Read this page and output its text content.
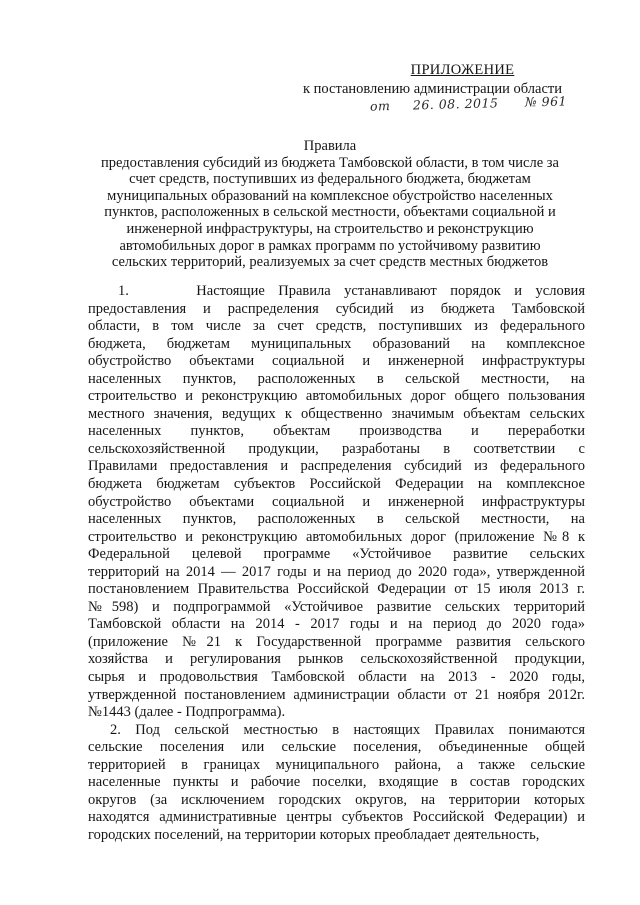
ПРИЛОЖЕНИЕ
к постановлению администрации области
от 26. 08. 2015 № 961
Правила
предоставления субсидий из бюджета Тамбовской области, в том числе за
счет средств, поступивших из федерального бюджета, бюджетам
муниципальных образований на комплексное обустройство населенных
пунктов, расположенных в сельской местности, объектами социальной и
инженерной инфраструктуры, на строительство и реконструкцию
автомобильных дорог в рамках программ по устойчивому развитию
сельских территорий, реализуемых за счет средств местных бюджетов
1.     Настоящие Правила устанавливают порядок и условия
предоставления и распределения субсидий из бюджета Тамбовской
области, в том числе за счет средств, поступивших из федерального
бюджета, бюджетам муниципальных образований на комплексное
обустройство объектами социальной и инженерной инфраструктуры
населенных пунктов, расположенных в сельской местности, на
строительство и реконструкцию автомобильных дорог общего пользования
местного значения, ведущих к общественно значимым объектам сельских
населенных пунктов, объектам производства и переработки
сельскохозяйственной продукции, разработаны в соответствии с
Правилами предоставления и распределения субсидий из федерального
бюджета бюджетам субъектов Российской Федерации на комплексное
обустройство объектами социальной и инженерной инфраструктуры
населенных пунктов, расположенных в сельской местности, на
строительство и реконструкцию автомобильных дорог (приложение №8 к
Федеральной целевой программе «Устойчивое развитие сельских
территорий на 2014 — 2017 годы и на период до 2020 года», утвержденной
постановлением Правительства Российской Федерации от 15 июля 2013 г.
№598) и подпрограммой «Устойчивое развитие сельских территорий
Тамбовской области на 2014 - 2017 годы и на период до 2020 года»
(приложение №21 к Государственной программе развития сельского
хозяйства и регулирования рынков сельскохозяйственной продукции,
сырья и продовольствия Тамбовской области на 2013 - 2020 годы,
утвержденной постановлением администрации области от 21 ноября 2012г.
№1443 (далее - Подпрограмма).
2. Под сельской местностью в настоящих Правилах понимаются
сельские поселения или сельские поселения, объединенные общей
территорией в границах муниципального района, а также сельские
населенные пункты и рабочие поселки, входящие в состав городских
округов (за исключением городских округов, на территории которых
находятся административные центры субъектов Российской Федерации) и
городских поселений, на территории которых преобладает деятельность,
